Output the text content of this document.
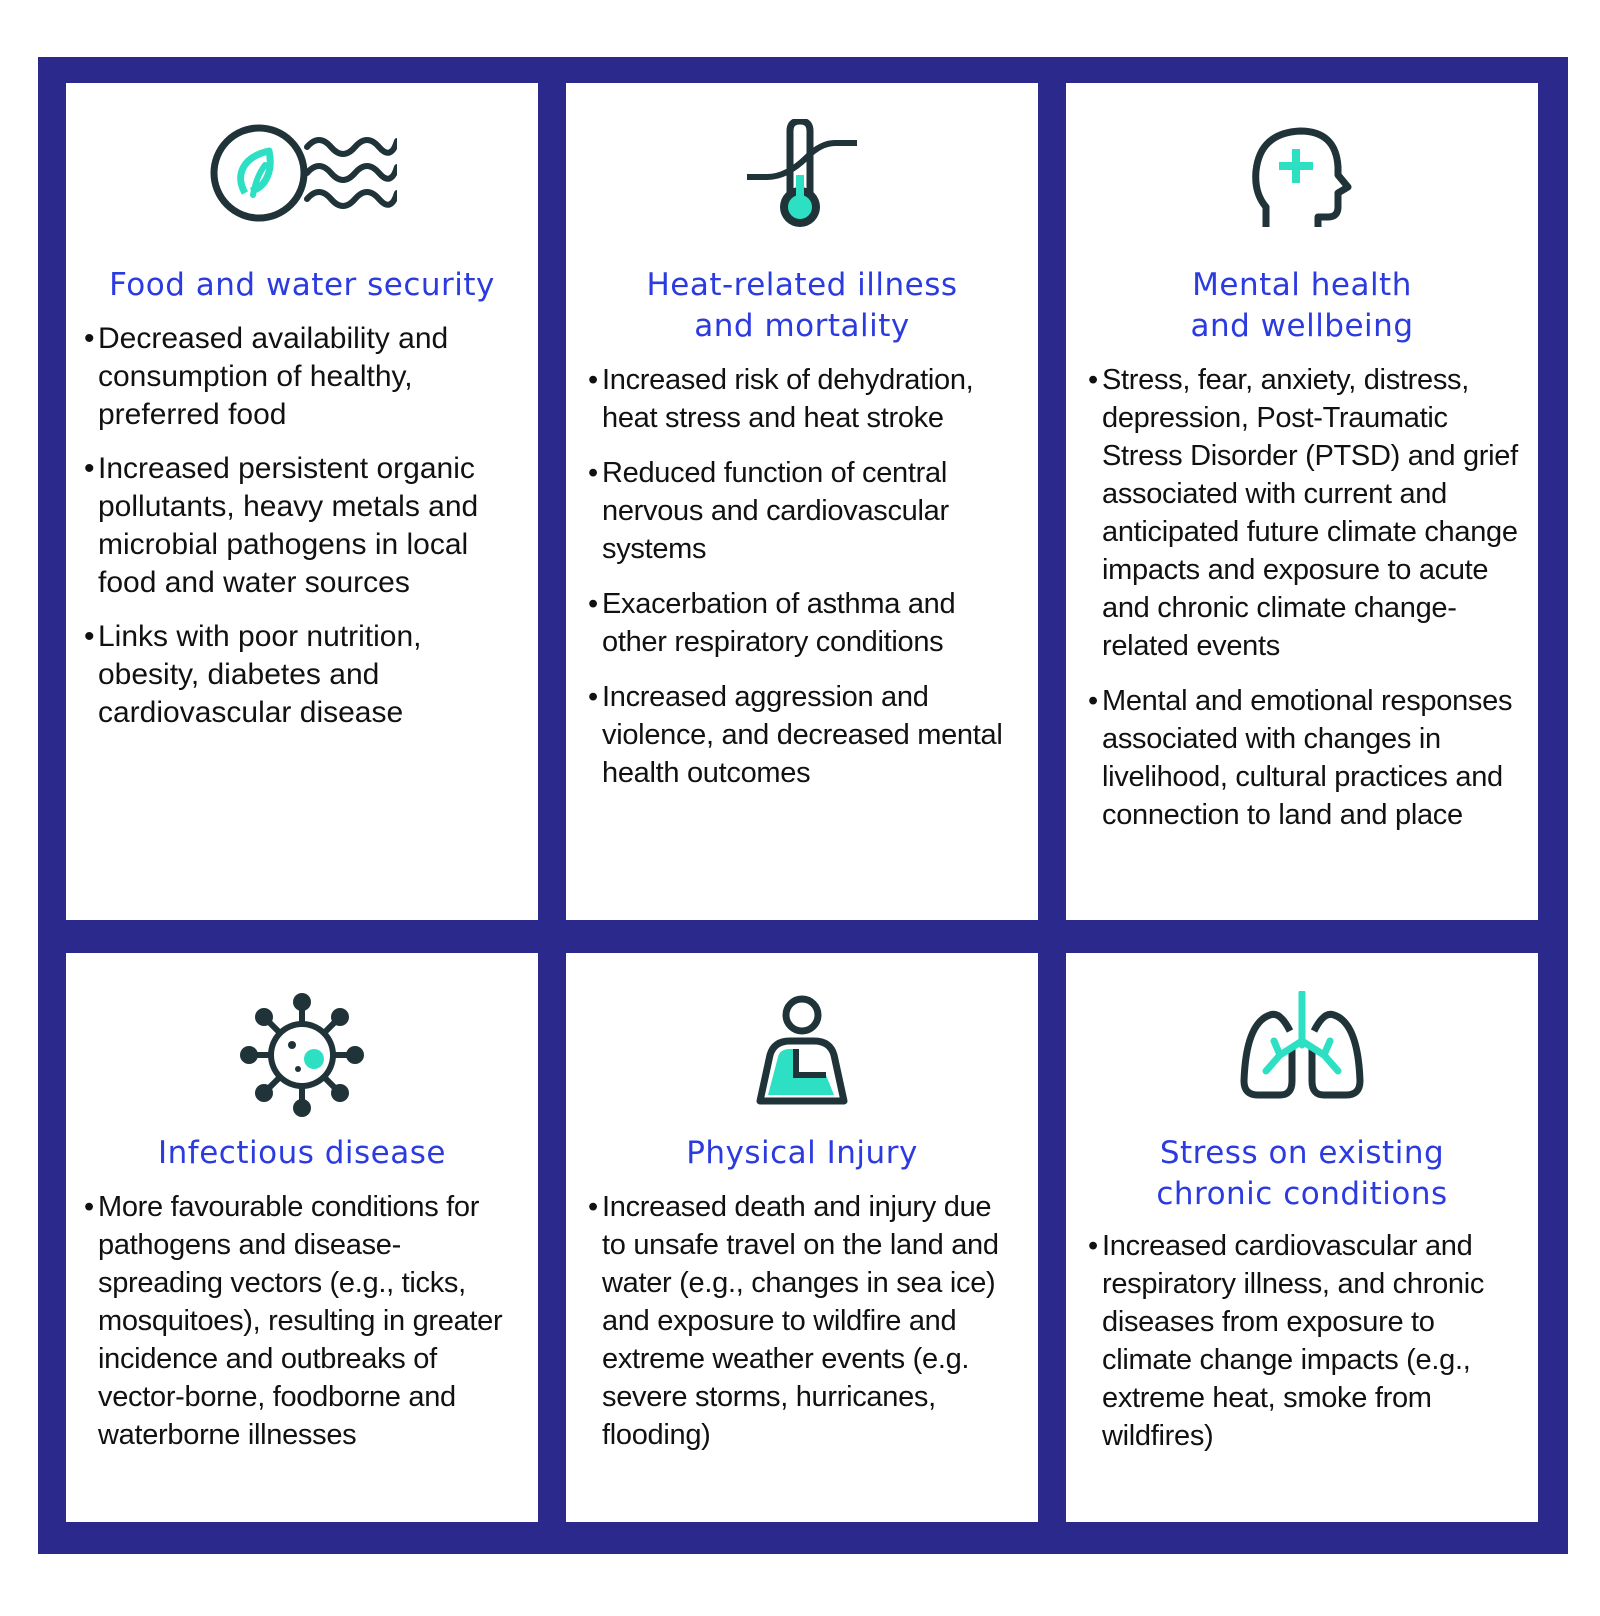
Food and water security
• Decreased availability and consumption of healthy, preferred food
• Increased persistent organic pollutants, heavy metals and microbial pathogens in local food and water sources
• Links with poor nutrition, obesity, diabetes and cardiovascular disease
Heat-related illness
and mortality
• Increased risk of dehydration, heat stress and heat stroke
• Reduced function of central nervous and cardiovascular systems
• Exacerbation of asthma and other respiratory conditions
• Increased aggression and violence, and decreased mental health outcomes
Mental health
and wellbeing
• Stress, fear, anxiety, distress, depression, Post-Traumatic Stress Disorder (PTSD) and grief associated with current and anticipated future climate change impacts and exposure to acute and chronic climate change-related events
• Mental and emotional responses associated with changes in livelihood, cultural practices and connection to land and place
Infectious disease
• More favourable conditions for pathogens and disease-spreading vectors (e.g., ticks, mosquitoes), resulting in greater incidence and outbreaks of vector-borne, foodborne and waterborne illnesses
Physical Injury
• Increased death and injury due to unsafe travel on the land and water (e.g., changes in sea ice) and exposure to wildfire and extreme weather events (e.g. severe storms, hurricanes, flooding)
Stress on existing
chronic conditions
• Increased cardiovascular and respiratory illness, and chronic diseases from exposure to climate change impacts (e.g., extreme heat, smoke from wildfires)
